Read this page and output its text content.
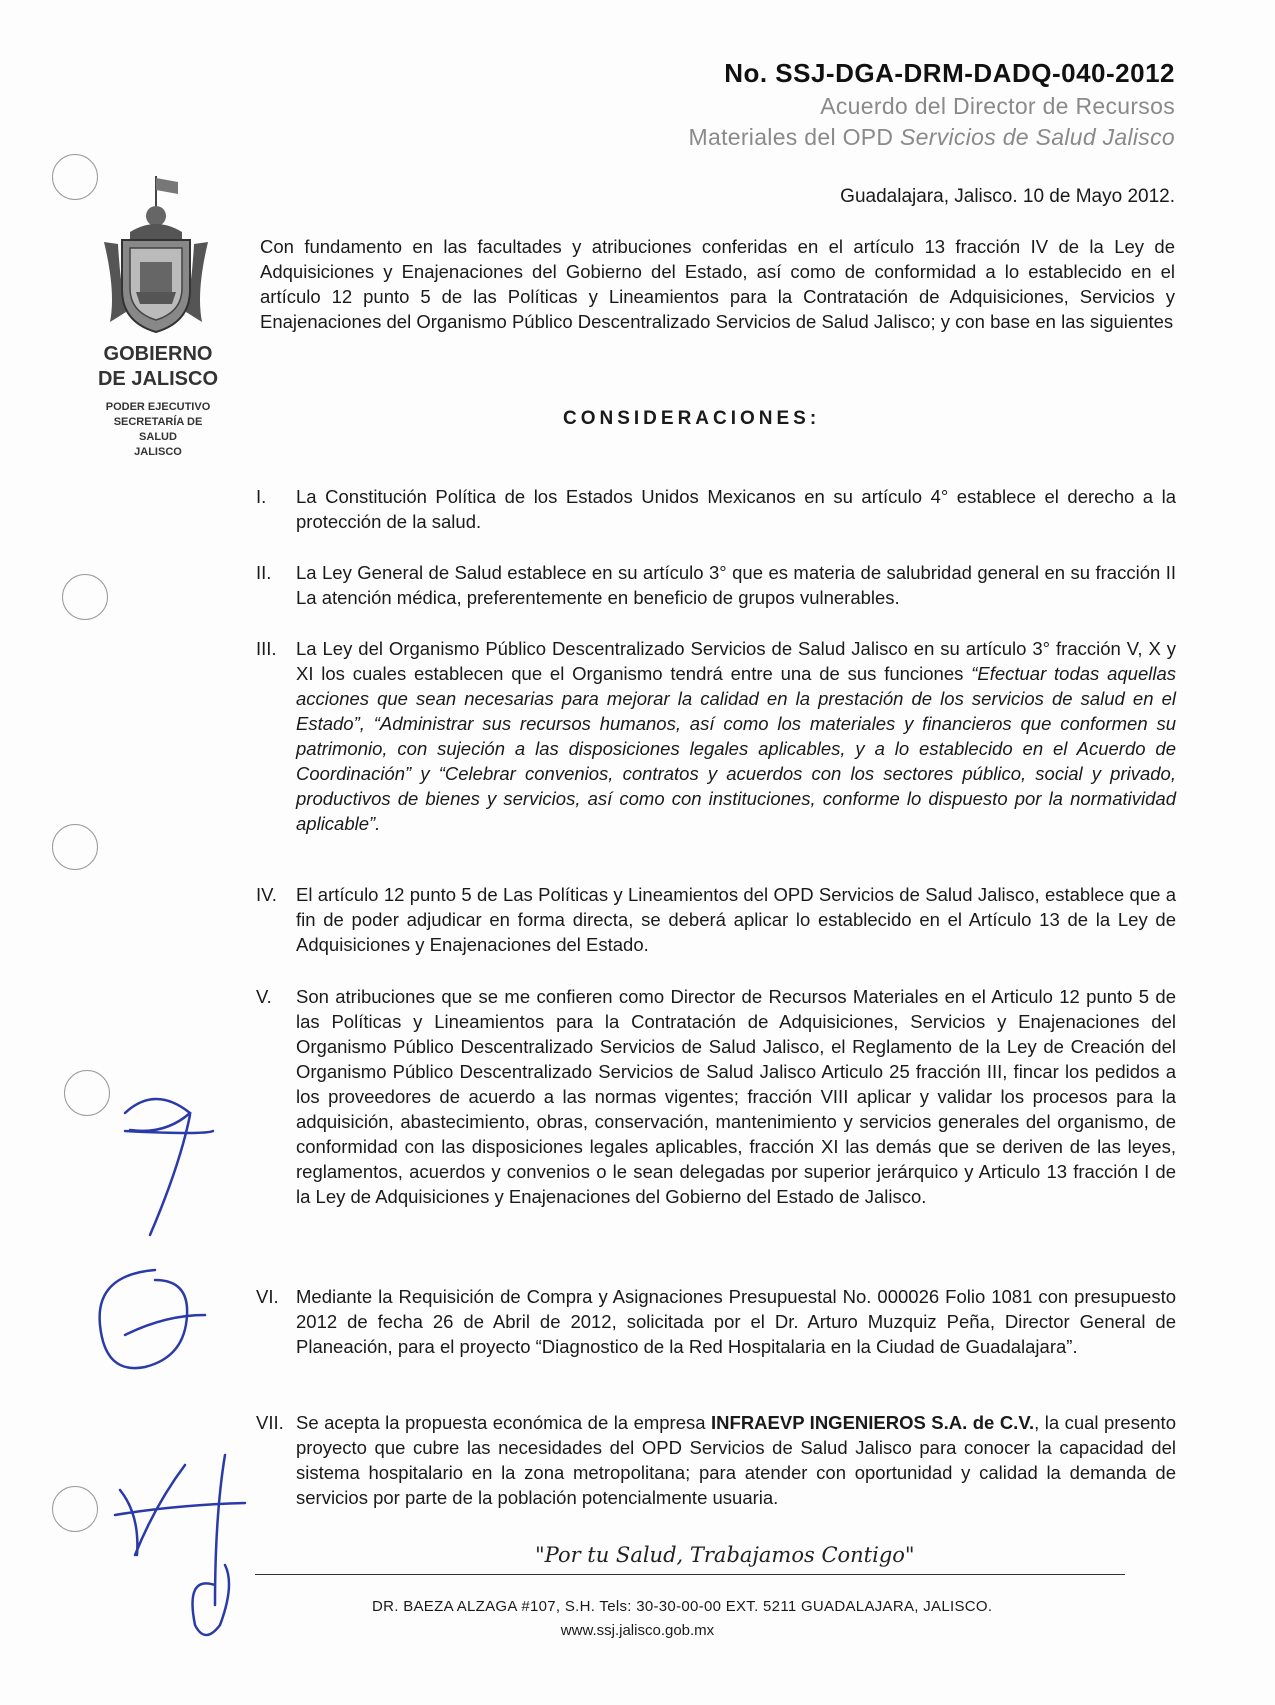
No. SSJ-DGA-DRM-DADQ-040-2012
Acuerdo del Director de Recursos
Materiales del OPD Servicios de Salud Jalisco
Guadalajara, Jalisco. 10 de Mayo 2012.
GOBIERNO
DE JALISCO
PODER EJECUTIVO
SECRETARÍA DE
SALUD
JALISCO
Con fundamento en las facultades y atribuciones conferidas en el artículo 13 fracción IV de la Ley de Adquisiciones y Enajenaciones del Gobierno del Estado, así como de conformidad a lo establecido en el artículo 12 punto 5 de las Políticas y Lineamientos para la Contratación de Adquisiciones, Servicios y Enajenaciones del Organismo Público Descentralizado Servicios de Salud Jalisco; y con base en las siguientes
CONSIDERACIONES:
I.	La Constitución Política de los Estados Unidos Mexicanos en su artículo 4° establece el derecho a la protección de la salud.
II.	La Ley General de Salud establece en su artículo 3° que es materia de salubridad general en su fracción II La atención médica, preferentemente en beneficio de grupos vulnerables.
III.	La Ley del Organismo Público Descentralizado Servicios de Salud Jalisco en su artículo 3° fracción V, X y XI los cuales establecen que el Organismo tendrá entre una de sus funciones “Efectuar todas aquellas acciones que sean necesarias para mejorar la calidad en la prestación de los servicios de salud en el Estado”, “Administrar sus recursos humanos, así como los materiales y financieros que conformen su patrimonio, con sujeción a las disposiciones legales aplicables, y a lo establecido en el Acuerdo de Coordinación” y “Celebrar convenios, contratos y acuerdos con los sectores público, social y privado, productivos de bienes y servicios, así como con instituciones, conforme lo dispuesto por la normatividad aplicable”.
IV.	El artículo 12 punto 5 de Las Políticas y Lineamientos del OPD Servicios de Salud Jalisco, establece que a fin de poder adjudicar en forma directa, se deberá aplicar lo establecido en el Artículo 13 de la Ley de Adquisiciones y Enajenaciones del Estado.
V.	Son atribuciones que se me confieren como Director de Recursos Materiales en el Articulo 12 punto 5 de las Políticas y Lineamientos para la Contratación de Adquisiciones, Servicios y Enajenaciones del Organismo Público Descentralizado Servicios de Salud Jalisco, el Reglamento de la Ley de Creación del Organismo Público Descentralizado Servicios de Salud Jalisco Articulo 25 fracción III, fincar los pedidos a los proveedores de acuerdo a las normas vigentes; fracción VIII aplicar y validar los procesos para la adquisición, abastecimiento, obras, conservación, mantenimiento y servicios generales del organismo, de conformidad con las disposiciones legales aplicables, fracción XI las demás que se deriven de las leyes, reglamentos, acuerdos y convenios o le sean delegadas por superior jerárquico y Articulo 13 fracción I de la Ley de Adquisiciones y Enajenaciones del Gobierno del Estado de Jalisco.
VI. Mediante la Requisición de Compra y Asignaciones Presupuestal No. 000026 Folio 1081 con presupuesto 2012 de fecha 26 de Abril de 2012, solicitada por el Dr. Arturo Muzquiz Peña, Director General de Planeación, para el proyecto “Diagnostico de la Red Hospitalaria en la Ciudad de Guadalajara”.
VII. Se acepta la propuesta económica de la empresa INFRAEVP INGENIEROS S.A. de C.V., la cual presento proyecto que cubre las necesidades del OPD Servicios de Salud Jalisco para conocer la capacidad del sistema hospitalario en la zona metropolitana; para atender con oportunidad y calidad la demanda de servicios por parte de la población potencialmente usuaria.
"Por tu Salud, Trabajamos Contigo"
DR. BAEZA ALZAGA #107, S.H. Tels: 30-30-00-00 EXT. 5211 GUADALAJARA, JALISCO.
www.ssj.jalisco.gob.mx
